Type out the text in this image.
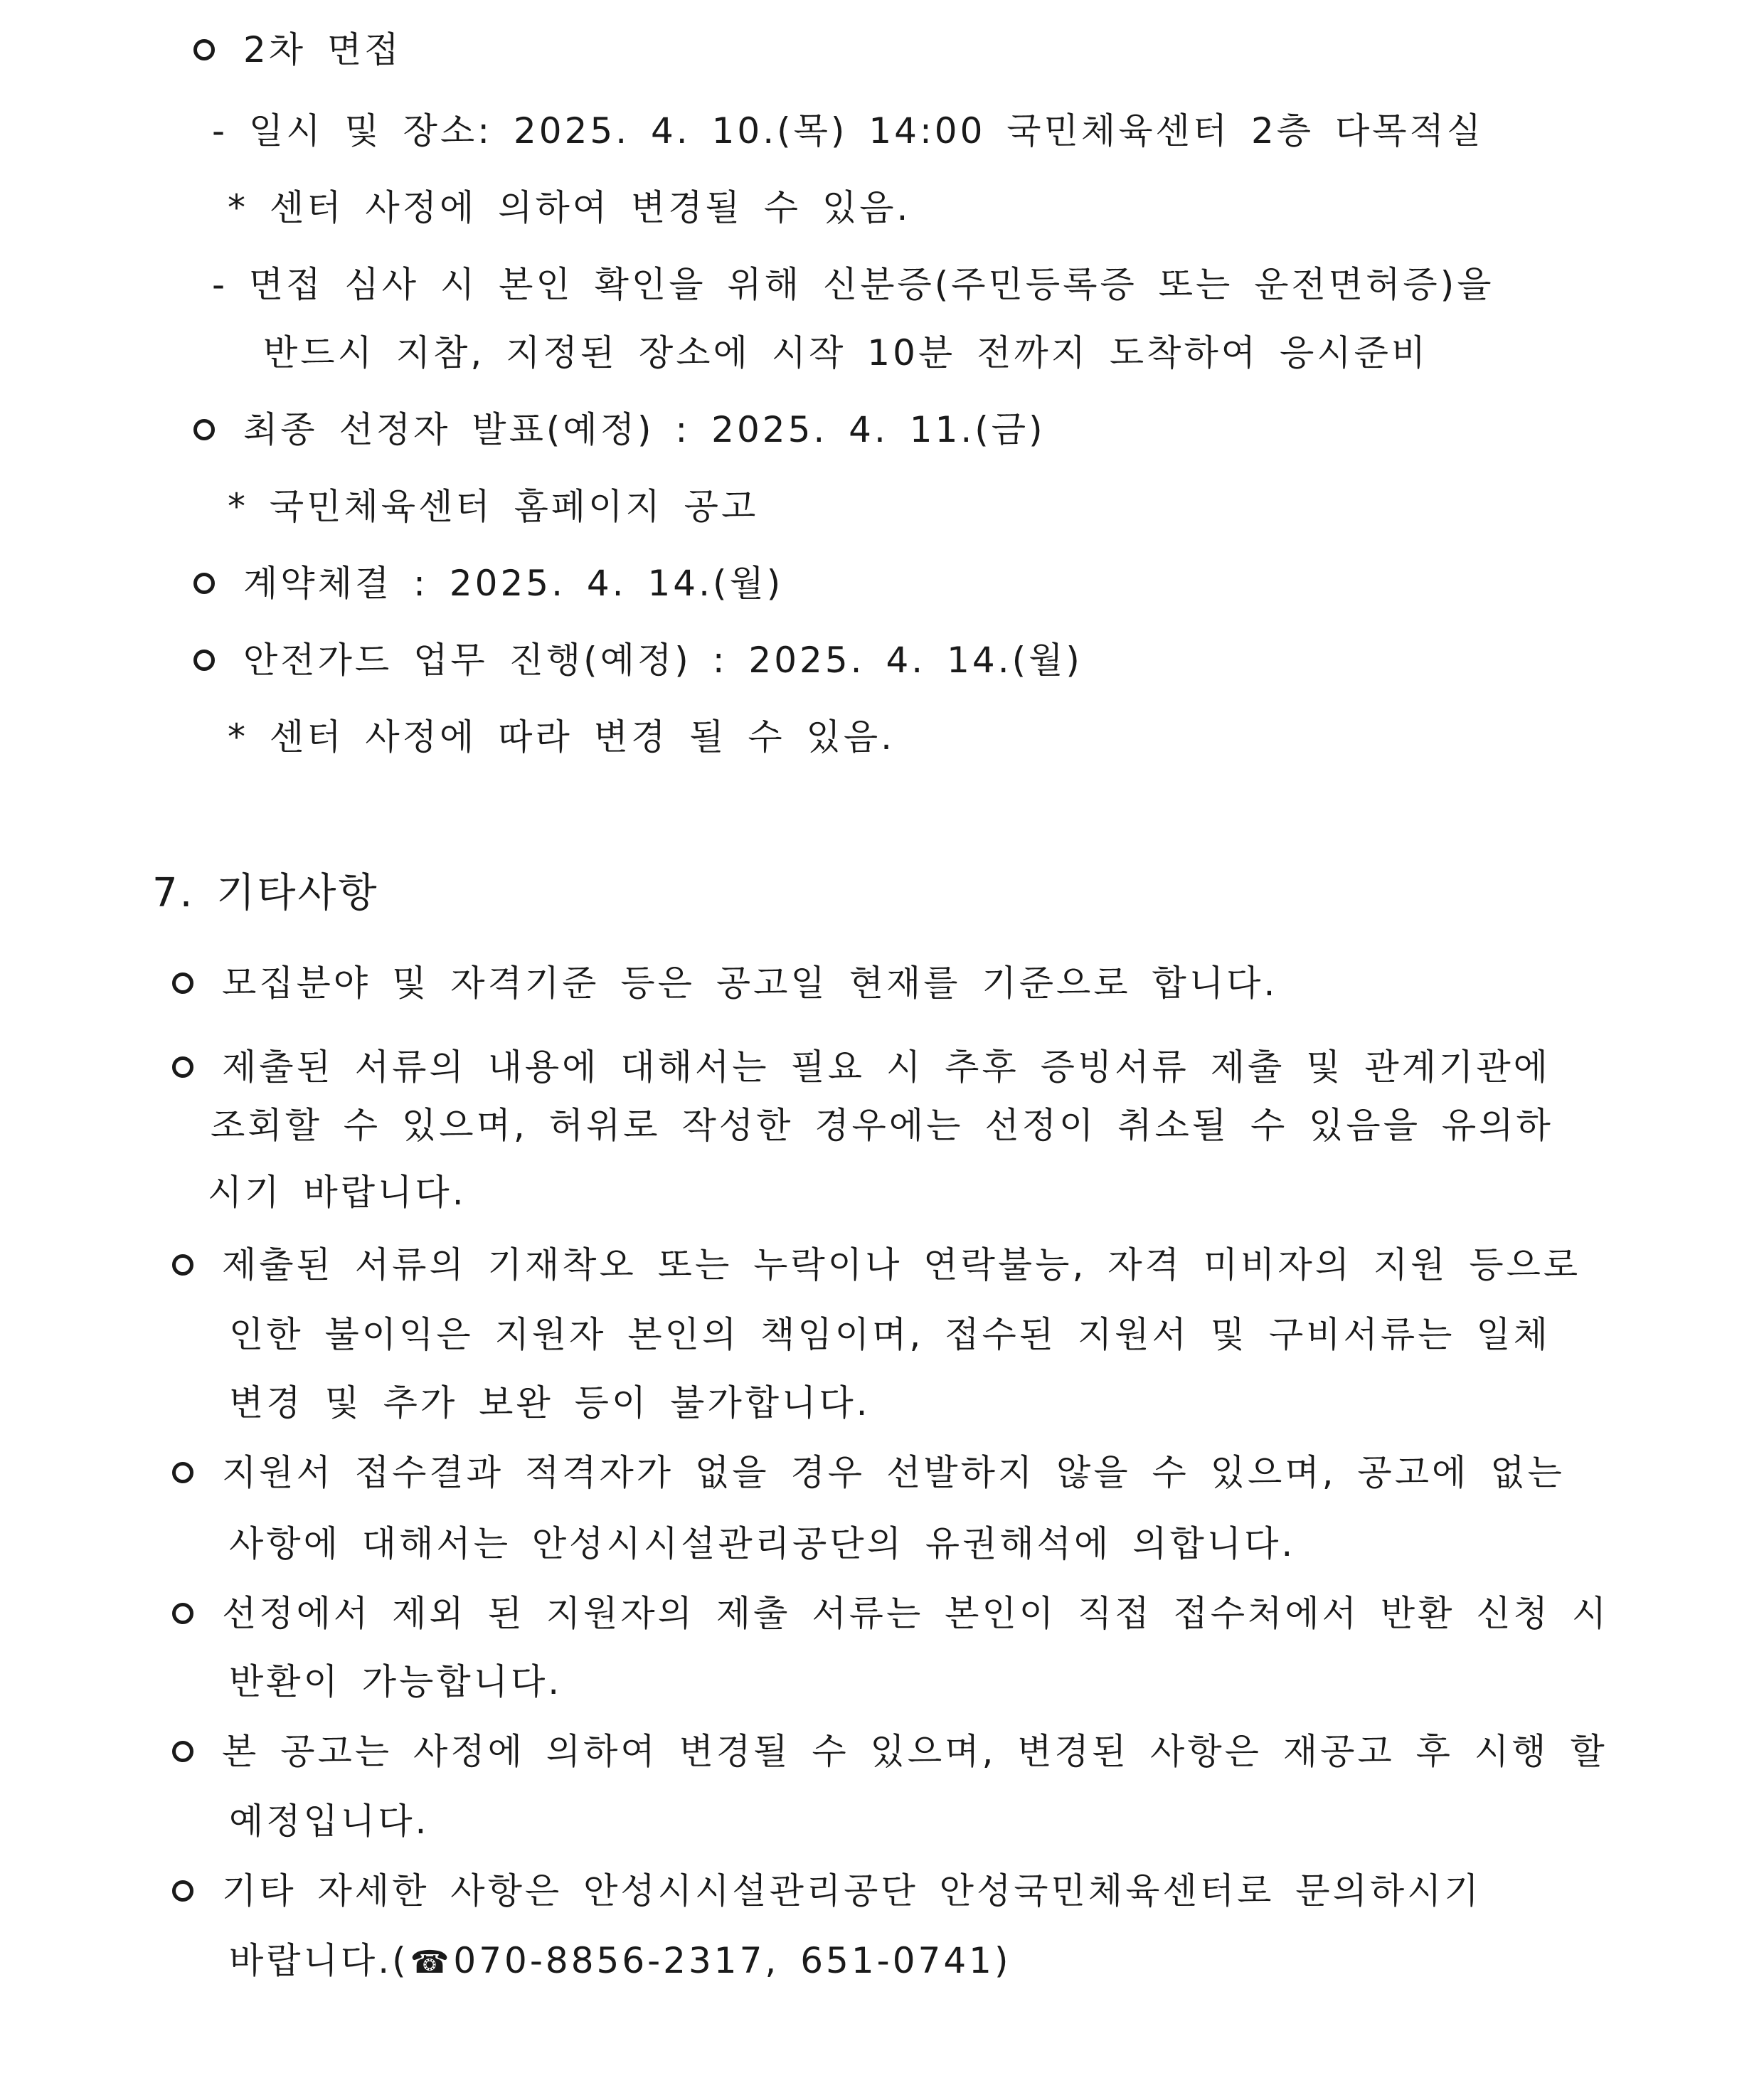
2차 면접
- 일시 및 장소: 2025. 4. 10.(목) 14:00 국민체육센터 2층 다목적실
* 센터 사정에 의하여 변경될 수 있음.
- 면접 심사 시 본인 확인을 위해 신분증(주민등록증 또는 운전면허증)을
반드시 지참, 지정된 장소에 시작 10분 전까지 도착하여 응시준비
최종 선정자 발표(예정) : 2025. 4. 11.(금)
* 국민체육센터 홈페이지 공고
계약체결 : 2025. 4. 14.(월)
안전가드 업무 진행(예정) : 2025. 4. 14.(월)
* 센터 사정에 따라 변경 될 수 있음.
7. 기타사항
모집분야 및 자격기준 등은 공고일 현재를 기준으로 합니다.
제출된 서류의 내용에 대해서는 필요 시 추후 증빙서류 제출 및 관계기관에
조회할 수 있으며, 허위로 작성한 경우에는 선정이 취소될 수 있음을 유의하
시기 바랍니다.
제출된 서류의 기재착오 또는 누락이나 연락불능, 자격 미비자의 지원 등으로
인한 불이익은 지원자 본인의 책임이며, 접수된 지원서 및 구비서류는 일체
변경 및 추가 보완 등이 불가합니다.
지원서 접수결과 적격자가 없을 경우 선발하지 않을 수 있으며, 공고에 없는
사항에 대해서는 안성시시설관리공단의 유권해석에 의합니다.
선정에서 제외 된 지원자의 제출 서류는 본인이 직접 접수처에서 반환 신청 시
반환이 가능합니다.
본 공고는 사정에 의하여 변경될 수 있으며, 변경된 사항은 재공고 후 시행 할
예정입니다.
기타 자세한 사항은 안성시시설관리공단 안성국민체육센터로 문의하시기
바랍니다.(☎ 070-8856-2317, 651-0741)
